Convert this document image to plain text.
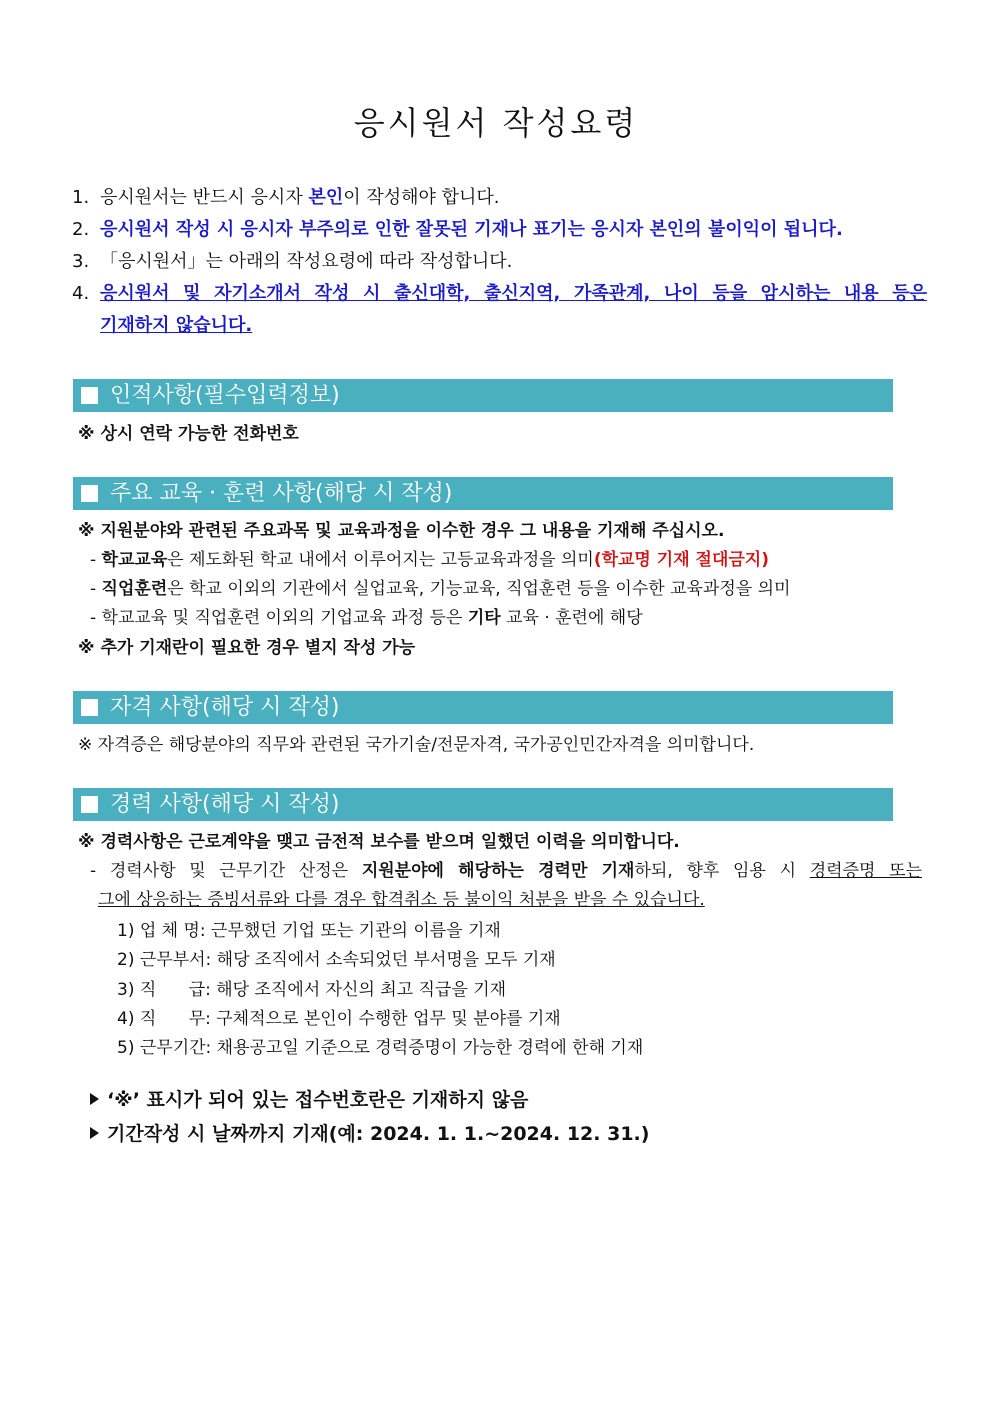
응시원서 작성요령
1. 응시원서는 반드시 응시자 본인이 작성해야 합니다.
2. 응시원서 작성 시 응시자 부주의로 인한 잘못된 기재나 표기는 응시자 본인의 불이익이 됩니다.
3. 「응시원서」는 아래의 작성요령에 따라 작성합니다.
4. 응시원서 및 자기소개서 작성 시 출신대학, 출신지역, 가족관계, 나이 등을 암시하는 내용 등은
기재하지 않습니다.
인적사항(필수입력정보)
※ 상시 연락 가능한 전화번호
주요 교육 · 훈련 사항(해당 시 작성)
※ 지원분야와 관련된 주요과목 및 교육과정을 이수한 경우 그 내용을 기재해 주십시오.
- 학교교육은 제도화된 학교 내에서 이루어지는 고등교육과정을 의미(학교명 기재 절대금지)
- 직업훈련은 학교 이외의 기관에서 실업교육, 기능교육, 직업훈련 등을 이수한 교육과정을 의미
- 학교교육 및 직업훈련 이외의 기업교육 과정 등은 기타 교육 · 훈련에 해당
※ 추가 기재란이 필요한 경우 별지 작성 가능
자격 사항(해당 시 작성)
※ 자격증은 해당분야의 직무와 관련된 국가기술/전문자격, 국가공인민간자격을 의미합니다.
경력 사항(해당 시 작성)
※ 경력사항은 근로계약을 맺고 금전적 보수를 받으며 일했던 이력을 의미합니다.
- 경력사항 및 근무기간 산정은 지원분야에 해당하는 경력만 기재하되, 향후 임용 시 경력증명 또는
그에 상응하는 증빙서류와 다를 경우 합격취소 등 불이익 처분을 받을 수 있습니다.
1) 업 체 명: 근무했던 기업 또는 기관의 이름을 기재
2) 근무부서: 해당 조직에서 소속되었던 부서명을 모두 기재
3) 직      급: 해당 조직에서 자신의 최고 직급을 기재
4) 직      무: 구체적으로 본인이 수행한 업무 및 분야를 기재
5) 근무기간: 채용공고일 기준으로 경력증명이 가능한 경력에 한해 기재
‘※’ 표시가 되어 있는 접수번호란은 기재하지 않음
기간작성 시 날짜까지 기재(예: 2024. 1. 1.~2024. 12. 31.)
